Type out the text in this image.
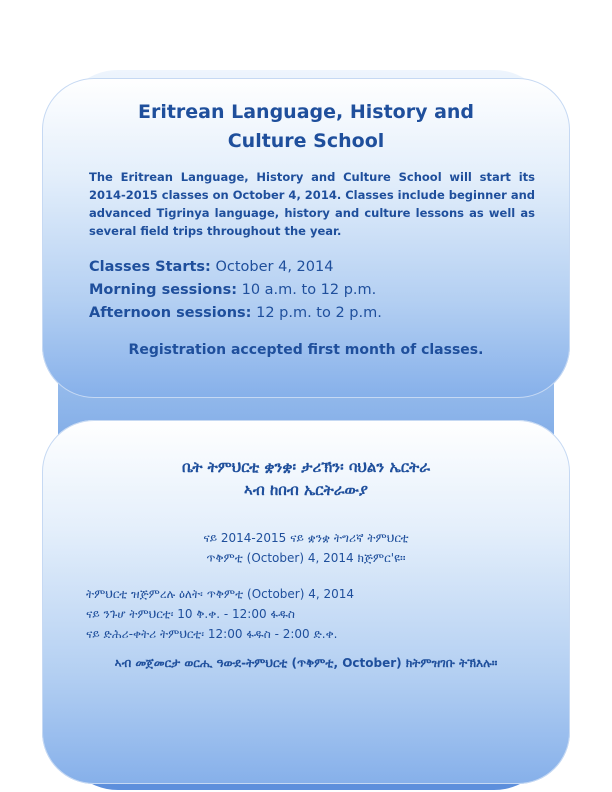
Eritrean Language, History and
Culture School
The Eritrean Language, History and Culture School will start its 2014-2015 classes on October 4, 2014. Classes include beginner and advanced Tigrinya language, history and culture lessons as well as several field trips throughout the year.
Classes Starts: October 4, 2014
Morning sessions: 10 a.m. to 12 p.m.
Afternoon sessions: 12 p.m. to 2 p.m.
Registration accepted first month of classes.
ቤት ትምህርቲ ቋንቋ፡ ታሪኽን፡ ባህልን ኤርትራ
ኣብ ከበብ ኤርትራውያ
ናይ 2014-2015 ናይ ቋንቋ ትግሪኛ ትምህርቲ
ጥቅምቲ (October) 4, 2014 ክጅምር'ዩ።
ትምህርቲ ዝጅምረሉ ዕለት፡ ጥቅምቲ (October) 4, 2014
ናይ ንጉሆ ትምህርቲ፡ 10 ቅ.ቀ. - 12:00 ፋዱስ
ናይ ድሕሪ-ቀትሪ ትምህርቲ፡ 12:00 ፋዱስ - 2:00 ድ.ቀ.
ኣብ መጀመርታ ወርሒ ዓውደ-ትምህርቲ (ጥቅምቲ, October) ክትምዝገቡ ትኽእሉ።
